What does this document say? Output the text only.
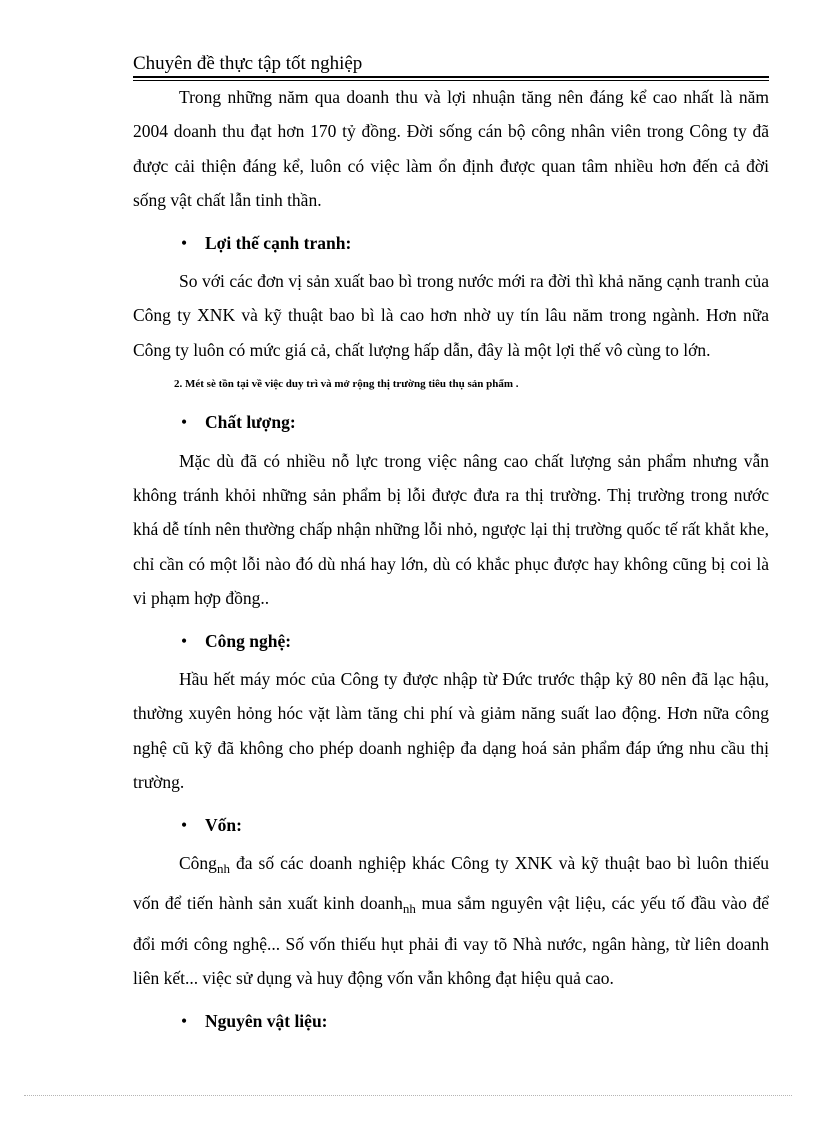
Chuyên đề thực tập tốt nghiệp

Trong những năm qua doanh thu và lợi nhuận tăng nên đáng kể cao nhất là năm 2004 doanh thu đạt hơn 170 tỷ đồng. Đời sống cán bộ công nhân viên trong Công ty đã được cải thiện đáng kể, luôn có việc làm ổn định được quan tâm nhiều hơn đến cả đời sống vật chất lẫn tinh thần.

• Lợi thế cạnh tranh:

So với các đơn vị sản xuất bao bì trong nước mới ra đời thì khả năng cạnh tranh của Công ty XNK và kỹ thuật bao bì là cao hơn nhờ uy tín lâu năm trong ngành. Hơn nữa Công ty luôn có mức giá cả, chất lượng hấp dẫn, đây là một lợi thế vô cùng to lớn.

2. Mét sè tồn tại về việc duy trì và mở rộng thị trường tiêu thụ sản phẩm .
• Chất lượng:

Mặc dù đã có nhiều nỗ lực trong việc nâng cao chất lượng sản phẩm nhưng vẫn không tránh khỏi những sản phẩm bị lỗi được đưa ra thị trường. Thị trường trong nước khá dễ tính nên thường chấp nhận những lỗi nhỏ, ngược lại thị trường quốc tế rất khắt khe, chỉ cần có một lỗi nào đó dù nhá hay lớn, dù có khắc phục được hay không cũng bị coi là vi phạm hợp đồng..

• Công nghệ:

Hầu hết máy móc của Công ty được nhập từ Đức trước thập kỷ 80 nên đã lạc hậu, thường xuyên hỏng hóc vặt làm tăng chi phí và giảm năng suất lao động. Hơn nữa công nghệ cũ kỹ đã không cho phép doanh nghiệp đa dạng hoá sản phẩm đáp ứng nhu cầu thị trường.

• Vốn:

Công$_{nh}$ đa số các doanh nghiệp khác Công ty XNK và kỹ thuật bao bì luôn thiếu vốn để tiến hành sản xuất kinh doanh$_{nh}$ mua sắm nguyên vật liệu, các yếu tố đầu vào để đổi mới công nghệ... Số vốn thiếu hụt phải đi vay tõ Nhà nước, ngân hàng, từ liên doanh liên kết... việc sử dụng và huy động vốn vẫn không đạt hiệu quả cao.

• Nguyên vật liệu:
